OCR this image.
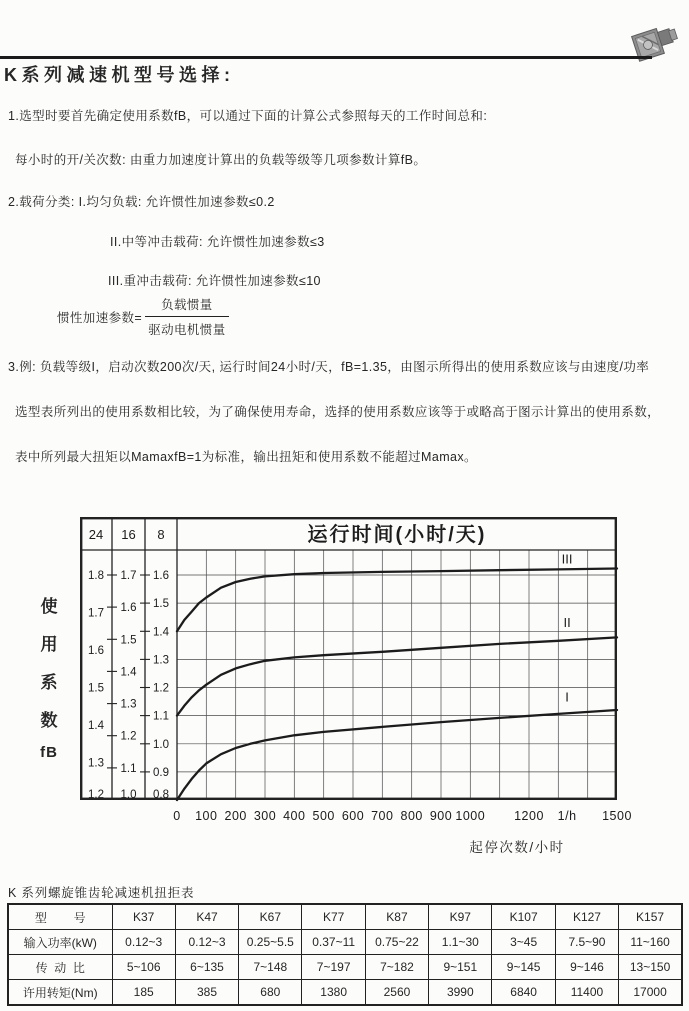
K系列减速机型号选择:

1.选型时要首先确定使用系数fB，可以通过下面的计算公式参照每天的工作时间总和:

每小时的开/关次数: 由重力加速度计算出的负载等级等几项参数计算fB。

2.载荷分类: I.均匀负载: 允许惯性加速参数≤0.2

II.中等冲击载荷: 允许惯性加速参数≤3

III.重冲击载荷: 允许惯性加速参数≤10

惯性加速参数= $\frac{\text{负载惯量}}{\text{驱动电机惯量}}$

3.例: 负载等级I，启动次数200次/天, 运行时间24小时/天，fB=1.35，由图示所得出的使用系数应该与由速度/功率

选型表所列出的使用系数相比较，为了确保使用寿命，选择的使用系数应该等于或略高于图示计算出的使用系数，

表中所列最大扭矩以MamaxfB=1为标准，输出扭矩和使用系数不能超过Mamax。

使
用
系
数
fB
24 16 8	运行时间(小时/天)
1.8
1.7
1.6
1.5
1.4
1.3
1.2
1.7
1.6
1.5
1.4
1.3
1.2
1.1
1.0
1.6
1.5
1.4
1.3
1.2
1.1
1.0
0.9
0.8
III
II
I
0 100 200 300 400 500 600 700 800 900 1000 1200 1/h 1500
起停次数/小时
K 系列螺旋锥齿轮减速机扭拒表
型        号	K37	K47	K67	K77	K87	K97	K107	K127	K157
输入功率(kW)	0.12~3	0.12~3	0.25~5.5	0.37~11	0.75~22	1.1~30	3~45	7.5~90	11~160
传  动  比	5~106	6~135	7~148	7~197	7~182	9~151	9~145	9~146	13~150
许用转矩(Nm)	185	385	680	1380	2560	3990	6840	11400	17000
